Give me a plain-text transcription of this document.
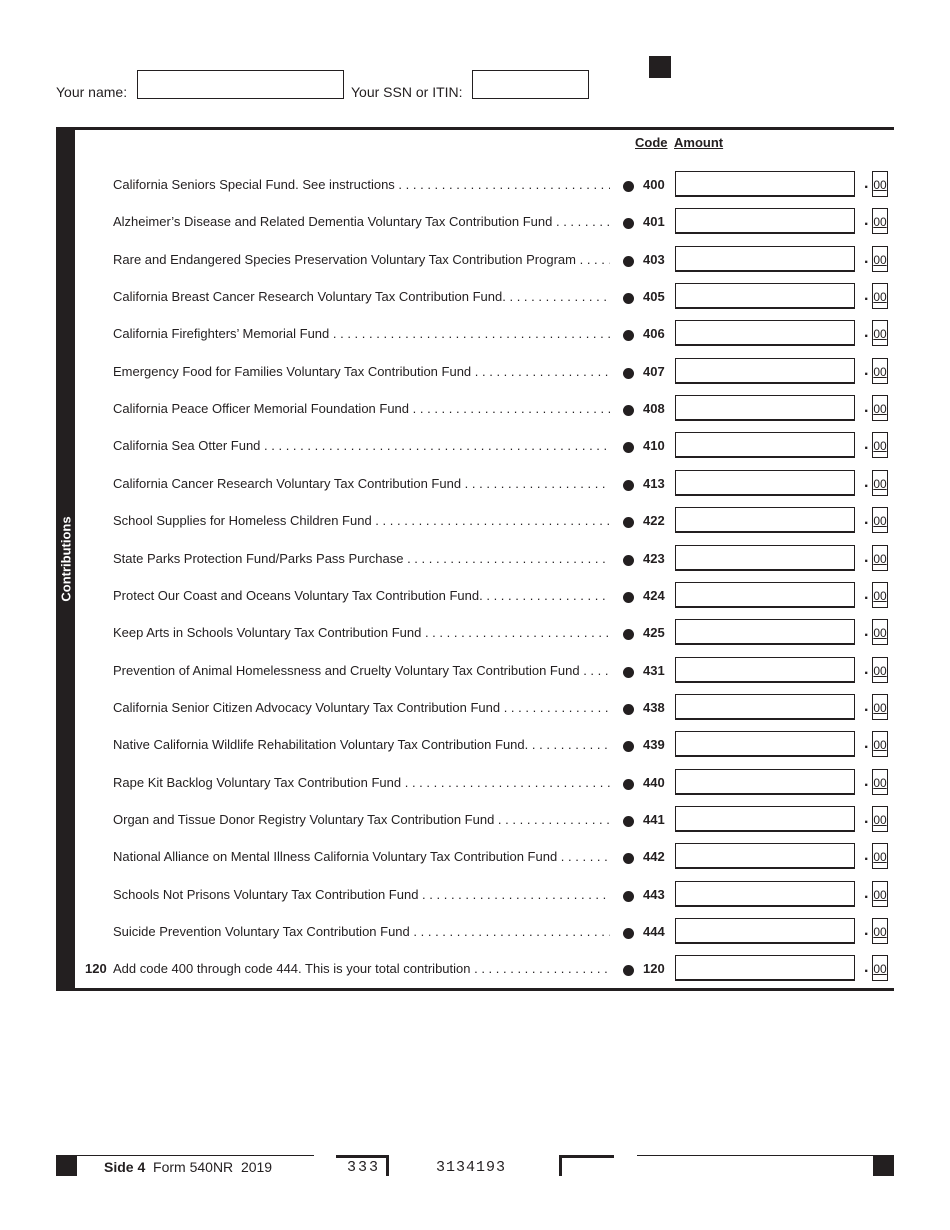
Your name:	Your SSN or ITIN:
Contributions
Code Amount
California Seniors Special Fund. See instructions . . .	400	. 00
Alzheimer’s Disease and Related Dementia Voluntary Tax Contribution Fund . . .	401	. 00
Rare and Endangered Species Preservation Voluntary Tax Contribution Program . . .	403	. 00
California Breast Cancer Research Voluntary Tax Contribution Fund. . . .	405	. 00
California Firefighters’ Memorial Fund . . .	406	. 00
Emergency Food for Families Voluntary Tax Contribution Fund . . .	407	. 00
California Peace Officer Memorial Foundation Fund . . .	408	. 00
California Sea Otter Fund . . .	410	. 00
California Cancer Research Voluntary Tax Contribution Fund . . .	413	. 00
School Supplies for Homeless Children Fund . . .	422	. 00
State Parks Protection Fund/Parks Pass Purchase . . .	423	. 00
Protect Our Coast and Oceans Voluntary Tax Contribution Fund. . . .	424	. 00
Keep Arts in Schools Voluntary Tax Contribution Fund . . .	425	. 00
Prevention of Animal Homelessness and Cruelty Voluntary Tax Contribution Fund . . .	431	. 00
California Senior Citizen Advocacy Voluntary Tax Contribution Fund . . .	438	. 00
Native California Wildlife Rehabilitation Voluntary Tax Contribution Fund. . . .	439	. 00
Rape Kit Backlog Voluntary Tax Contribution Fund . . .	440	. 00
Organ and Tissue Donor Registry Voluntary Tax Contribution Fund . . .	441	. 00
National Alliance on Mental Illness California Voluntary Tax Contribution Fund . . .	442	. 00
Schools Not Prisons Voluntary Tax Contribution Fund . . .	443	. 00
Suicide Prevention Voluntary Tax Contribution Fund . . .	444	. 00
120 Add code 400 through code 444. This is your total contribution . . .	120	. 00
Side 4 Form 540NR 2019	333	3134193
